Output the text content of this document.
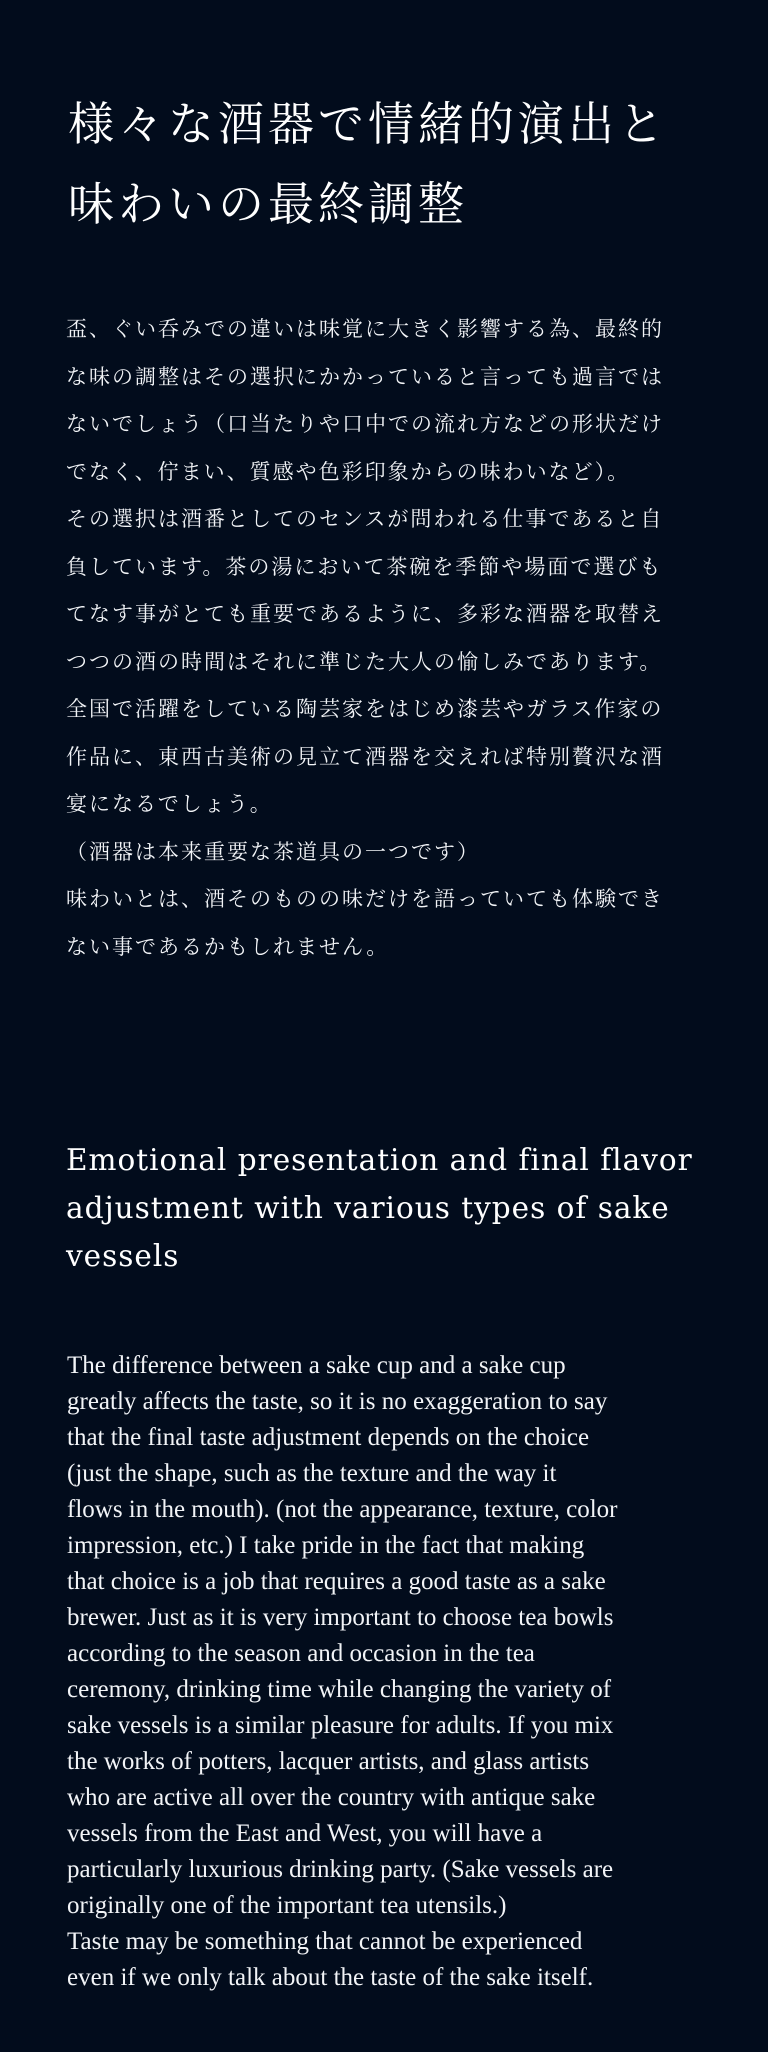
様々な酒器で情緒的演出と
味わいの最終調整

盃、ぐい呑みでの違いは味覚に大きく影響する為、最終的

な味の調整はその選択にかかっていると言っても過言では

ないでしょう（口当たりや口中での流れ方などの形状だけ

でなく、佇まい、質感や色彩印象からの味わいなど）。

その選択は酒番としてのセンスが問われる仕事であると自

負しています。茶の湯において茶碗を季節や場面で選びも

てなす事がとても重要であるように、多彩な酒器を取替え

つつの酒の時間はそれに準じた大人の愉しみであります。

全国で活躍をしている陶芸家をはじめ漆芸やガラス作家の

作品に、東西古美術の見立て酒器を交えれば特別贅沢な酒

宴になるでしょう。

（酒器は本来重要な茶道具の一つです）

味わいとは、酒そのものの味だけを語っていても体験でき

ない事であるかもしれません。

Emotional presentation and final flavor
adjustment with various types of sake
vessels

The difference between a sake cup and a sake cup

greatly affects the taste, so it is no exaggeration to say

that the final taste adjustment depends on the choice

(just the shape, such as the texture and the way it

flows in the mouth). (not the appearance, texture, color

impression, etc.) I take pride in the fact that making

that choice is a job that requires a good taste as a sake

brewer. Just as it is very important to choose tea bowls

according to the season and occasion in the tea

ceremony, drinking time while changing the variety of

sake vessels is a similar pleasure for adults. If you mix

the works of potters, lacquer artists, and glass artists

who are active all over the country with antique sake

vessels from the East and West, you will have a

particularly luxurious drinking party. (Sake vessels are

originally one of the important tea utensils.)

Taste may be something that cannot be experienced

even if we only talk about the taste of the sake itself.
